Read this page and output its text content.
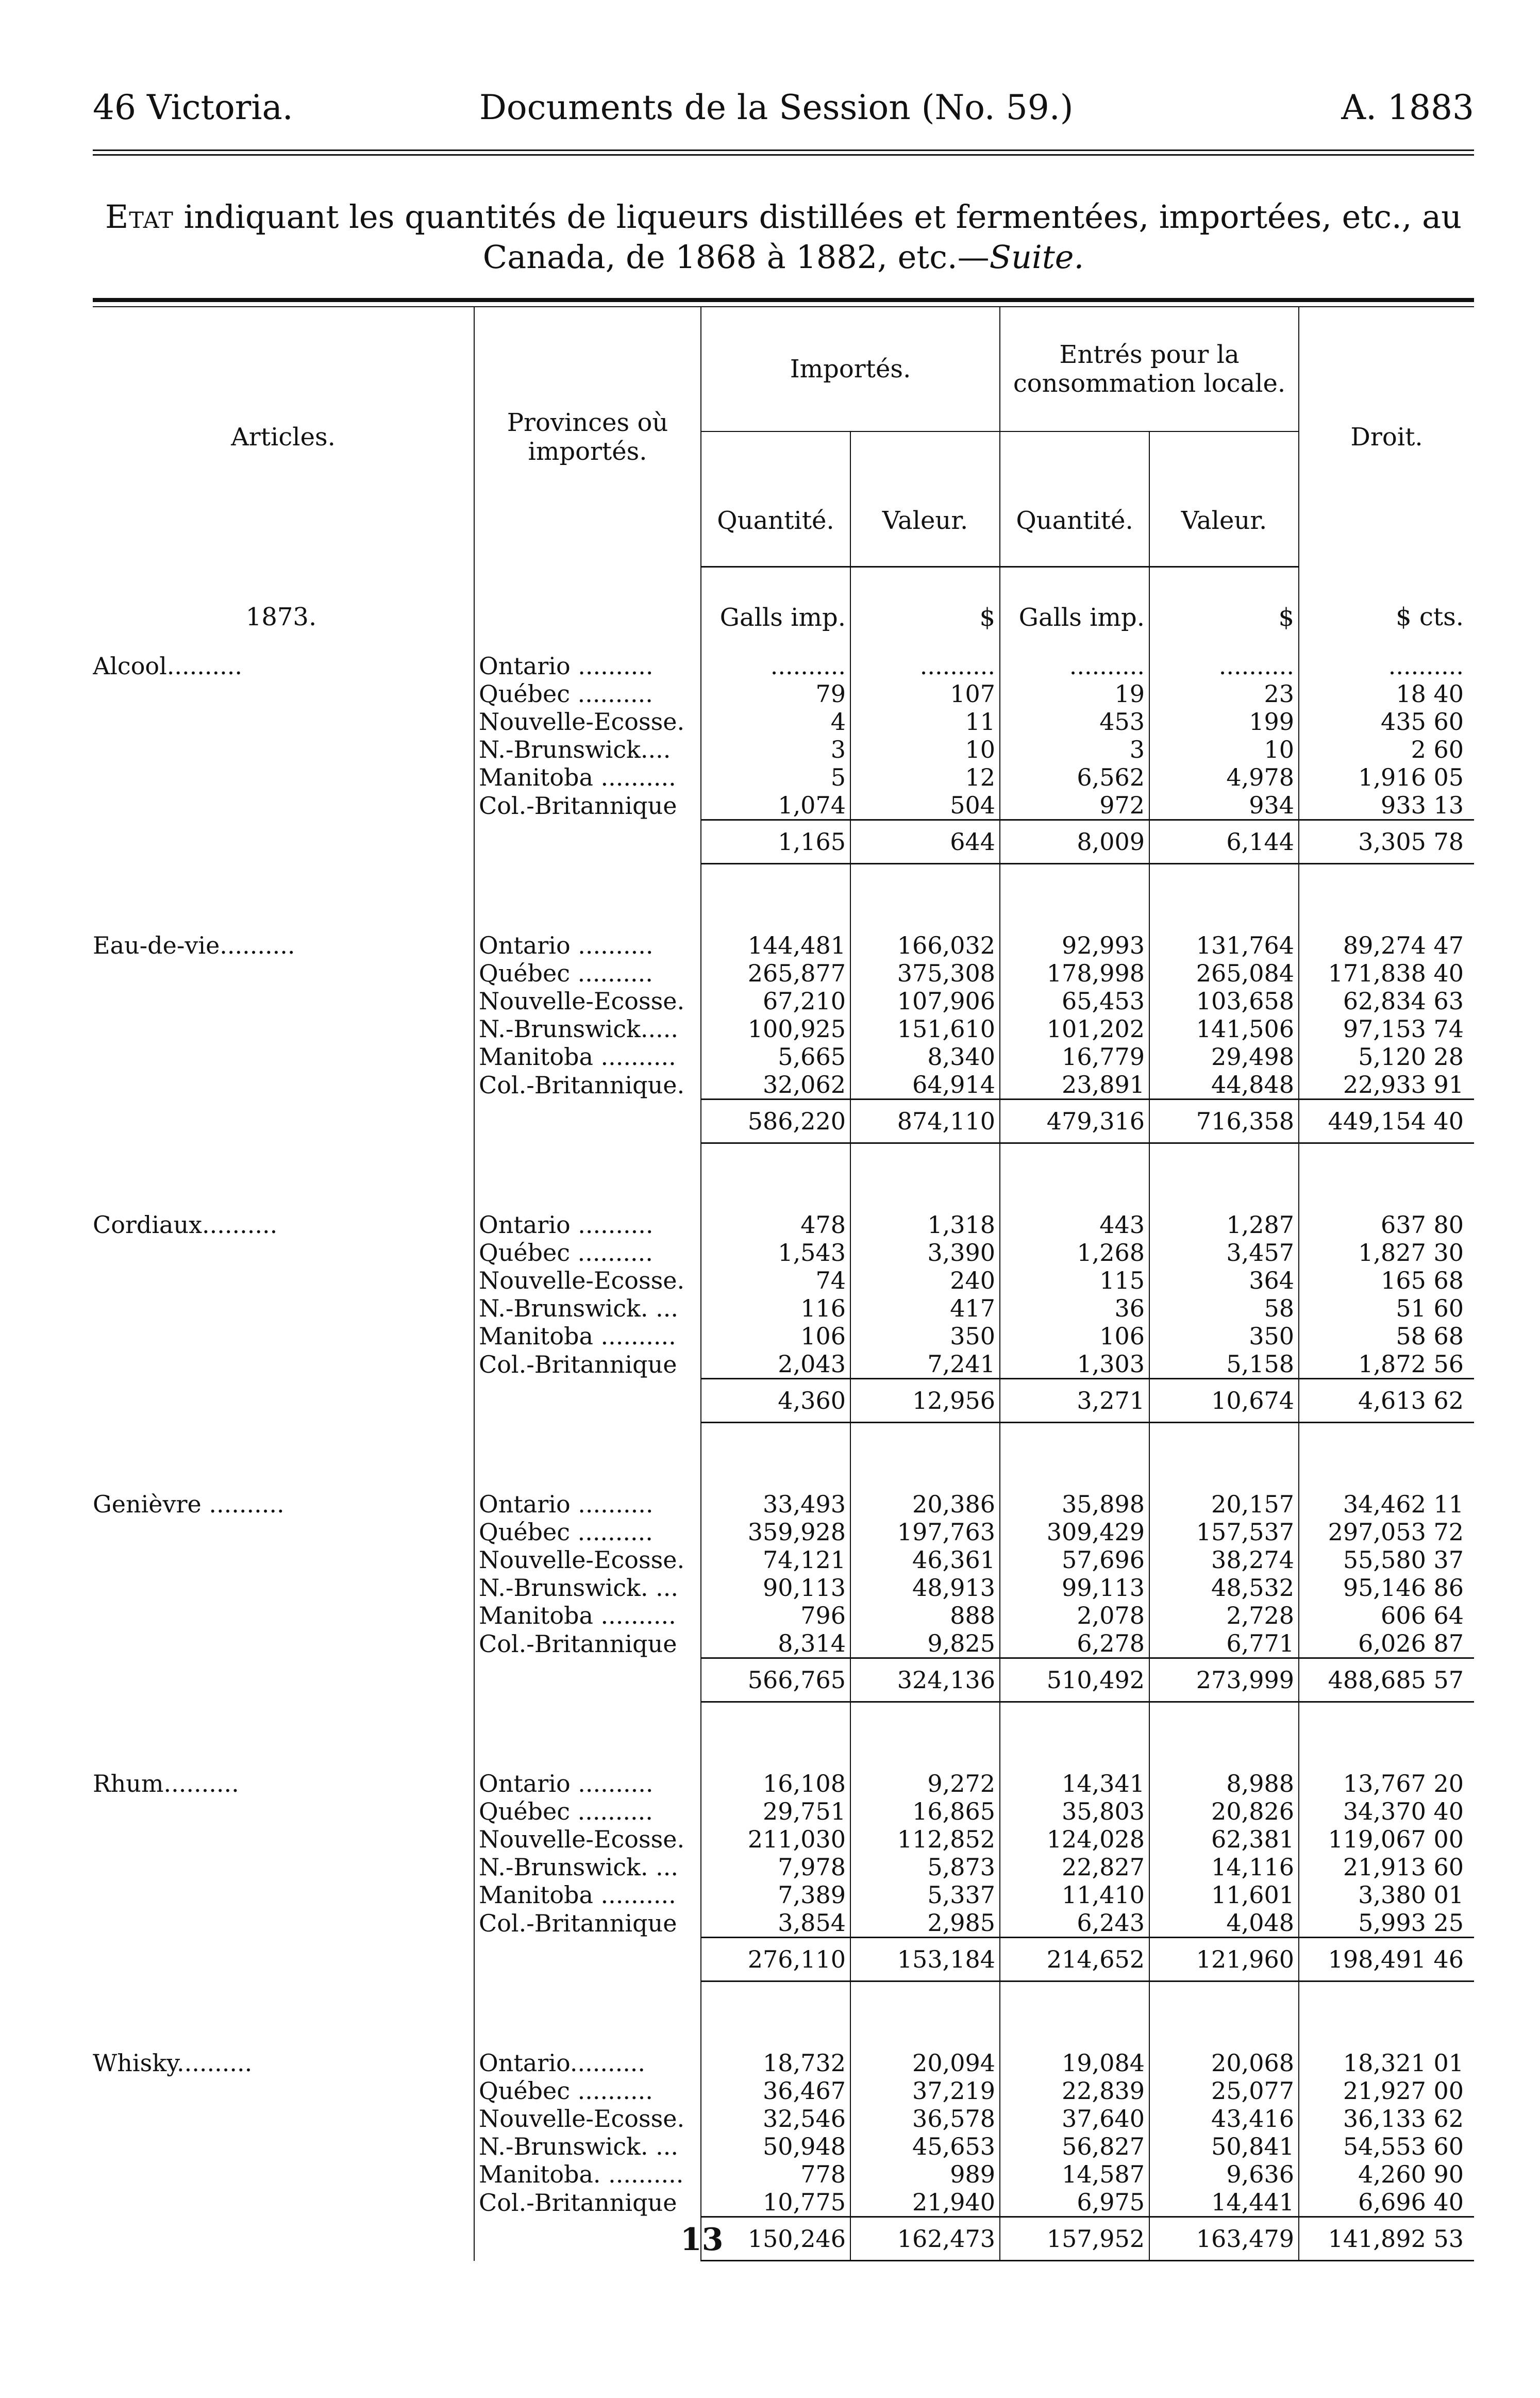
46 Victoria.	Documents de la Session (No. 59.)	A. 1883
Etat indiquant les quantités de liqueurs distillées et fermentées, importées, etc., au
Canada, de 1868 à 1882, etc.—Suite.
Articles.	Provinces où importés.	Importés.		Entrés pour la consommation locale.		Droit.
		Quantité.	Valeur.	Quantité.	Valeur.	
1873.		Galls imp.	$	Galls imp.	$	$ cts.
Alcool..........	Ontario ..........	..........	..........	..........	..........	..........
	Québec ..........	79	107	19	23	18 40
	Nouvelle-Ecosse.	4	11	453	199	435 60
	N.-Brunswick....	3	10	3	10	2 60
	Manitoba ..........	5	12	6,562	4,978	1,916 05
	Col.-Britannique	1,074	504	972	934	933 13
		1,165	644	8,009	6,144	3,305 78

Eau-de-vie..........	Ontario ..........	144,481	166,032	92,993	131,764	89,274 47
	Québec ..........	265,877	375,308	178,998	265,084	171,838 40
	Nouvelle-Ecosse.	67,210	107,906	65,453	103,658	62,834 63
	N.-Brunswick.....	100,925	151,610	101,202	141,506	97,153 74
	Manitoba ..........	5,665	8,340	16,779	29,498	5,120 28
	Col.-Britannique.	32,062	64,914	23,891	44,848	22,933 91
		586,220	874,110	479,316	716,358	449,154 40

Cordiaux..........	Ontario ..........	478	1,318	443	1,287	637 80
	Québec ..........	1,543	3,390	1,268	3,457	1,827 30
	Nouvelle-Ecosse.	74	240	115	364	165 68
	N.-Brunswick. ...	116	417	36	58	51 60
	Manitoba ..........	106	350	106	350	58 68
	Col.-Britannique	2,043	7,241	1,303	5,158	1,872 56
		4,360	12,956	3,271	10,674	4,613 62

Genièvre ..........	Ontario ..........	33,493	20,386	35,898	20,157	34,462 11
	Québec ..........	359,928	197,763	309,429	157,537	297,053 72
	Nouvelle-Ecosse.	74,121	46,361	57,696	38,274	55,580 37
	N.-Brunswick. ...	90,113	48,913	99,113	48,532	95,146 86
	Manitoba ..........	796	888	2,078	2,728	606 64
	Col.-Britannique	8,314	9,825	6,278	6,771	6,026 87
		566,765	324,136	510,492	273,999	488,685 57

Rhum..........	Ontario ..........	16,108	9,272	14,341	8,988	13,767 20
	Québec ..........	29,751	16,865	35,803	20,826	34,370 40
	Nouvelle-Ecosse.	211,030	112,852	124,028	62,381	119,067 00
	N.-Brunswick. ...	7,978	5,873	22,827	14,116	21,913 60
	Manitoba ..........	7,389	5,337	11,410	11,601	3,380 01
	Col.-Britannique	3,854	2,985	6,243	4,048	5,993 25
		276,110	153,184	214,652	121,960	198,491 46

Whisky..........	Ontario..........	18,732	20,094	19,084	20,068	18,321 01
	Québec ..........	36,467	37,219	22,839	25,077	21,927 00
	Nouvelle-Ecosse.	32,546	36,578	37,640	43,416	36,133 62
	N.-Brunswick. ...	50,948	45,653	56,827	50,841	54,553 60
	Manitoba. ..........	778	989	14,587	9,636	4,260 90
	Col.-Britannique	10,775	21,940	6,975	14,441	6,696 40
		150,246	162,473	157,952	163,479	141,892 53
13
